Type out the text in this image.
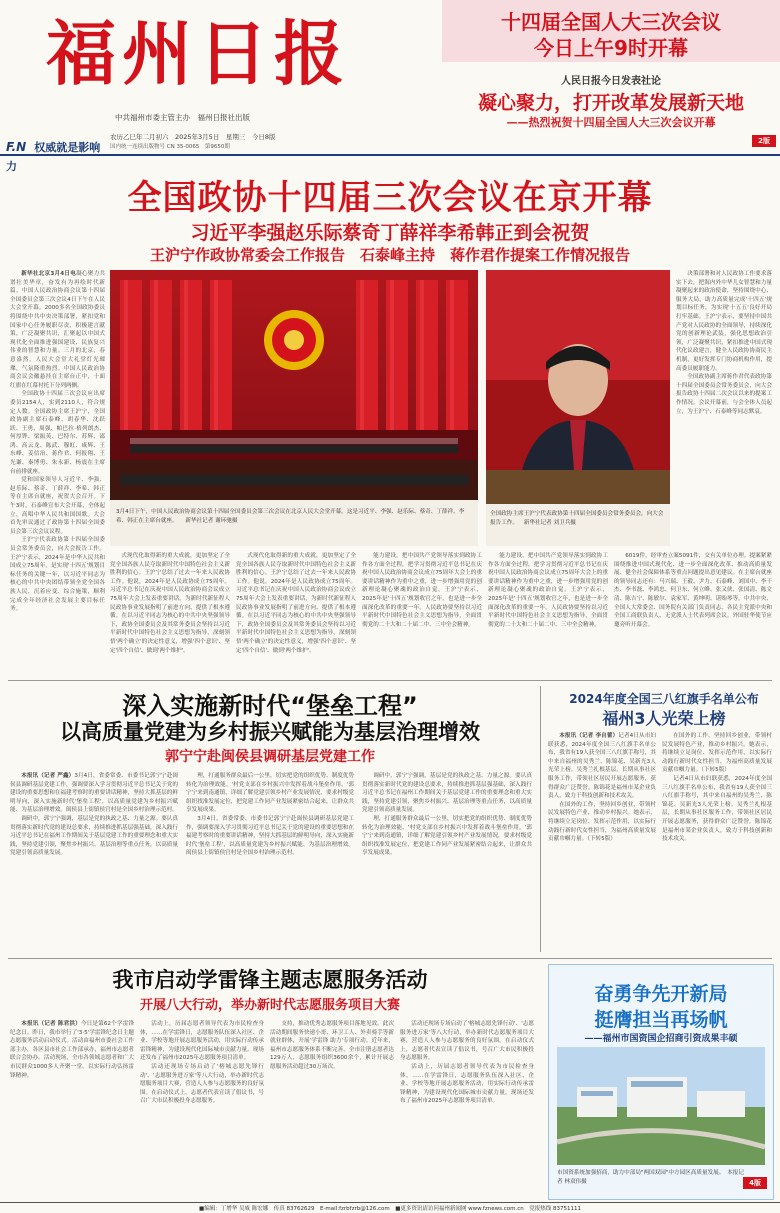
福州日报
中共福州市委主管主办　福州日报社出版
农历乙巳年二月初六　2025年3月5日　星期三　今日8版
国内统一连续出版物号 CN 35-0065　第9650期
F.N 权威就是影响力
十四届全国人大三次会议
今日上午9时开幕
人民日报今日发表社论
凝心聚力，打开改革发展新天地
——热烈祝贺十四届全国人大三次会议开幕
2版
全国政协十四届三次会议在京开幕
习近平李强赵乐际蔡奇丁薛祥李希韩正到会祝贺
王沪宁作政协常委会工作报告　石泰峰主持　蒋作君作提案工作情况报告

新华社北京3月4日电凝心聚力共谱壮美华章，奋发有为再绘时代新篇。中国人民政治协商会议第十四届全国委员会第三次会议4日下午在人民大会堂开幕。2000多名全国政协委员将围绕中共中央决策部署，紧扣党和国家中心任务履职尽责，积极建言献策，广泛凝聚共识，汇聚起以中国式现代化全面推进强国建设、民族复兴伟业的智慧和力量。三月的北京，春意盎然。人民大会堂大礼堂灯光璀璨，气氛隆重热烈。中国人民政治协商会议会徽悬挂在主席台正中，十面红旗在红幕衬托下分列两侧。

全国政协十四届三次会议应出席委员2154人，实到2110人，符合规定人数。全国政协主席王沪宁，全国政协副主席石泰峰、胡春华、沈跃跃、王勇、周强、帕巴拉·格列朗杰、何厚铧、梁振英、巴特尔、苏辉、邵鸿、高云龙、陈武、穆虹、咸辉、王东峰、姜信治、蒋作君、何报翔、王光谦、秦博勇、朱永新、杨震在主席台前排就座。

党和国家领导人习近平、李强、赵乐际、蔡奇、丁薛祥、李希、韩正等在主席台就座，祝贺大会召开。下午3时，石泰峰宣布大会开幕，全体起立，高唱中华人民共和国国歌。大会首先审议通过了政协第十四届全国委员会第三次会议议程。

王沪宁代表政协第十四届全国委员会常务委员会，向大会报告工作。王沪宁表示，2024年是中华人民共和国成立75周年，是实现'十四五'规划目标任务的关键一年，以习近平同志为核心的中共中央团结带领全党全国各族人民，沉着应变、综合施策，顺利完成全年经济社会发展主要目标任务。

3月4日下午，中国人民政治协商会议第十四届全国委员会第三次会议在北京人民大会堂开幕。这是习近平、李强、赵乐际、蔡奇、丁薛祥、李希、韩正在主席台就座。 新华社记者 谢环驰摄
全国政协主席王沪宁代表政协第十四届全国委员会常务委员会，向大会报告工作。 新华社记者 刘卫兵摄

决策部署和对人民政协工作要求落实下去，把海内外中华儿女智慧和力量凝聚起来的政治使命，坚持围绕中心、服务大局，助力高质量完成'十四五'规划目标任务，为实现'十五五'良好开局打牢基础。王沪宁表示，要坚持中国共产党对人民政协的全面领导，持续深化党的创新理论武装，强化思想政治引领，广泛凝聚共识，紧扣推进中国式现代化议政建言，健全人民政协协商民主机制，更好发挥专门协商机构作用，提高委员履职能力。

全国政协副主席蒋作君代表政协第十四届全国委员会常务委员会，向大会报告政协十四届二次会议以来的提案工作情况。会议开幕前，与会全体人员起立，为王沪宁、石泰峰等同志默哀。

式现代化取得新的重大成就，更加坚定了全党全国各族人民夺取新时代中国特色社会主义新胜利的信心。王沪宁总结了过去一年来人民政协工作。他说，2024年是人民政协成立75周年。习近平总书记在庆祝中国人民政治协商会议成立75周年大会上发表重要讲话，为新时代新征程人民政协事业发展指明了前进方向、提供了根本遵循。在以习近平同志为核心的中共中央坚强领导下，政协全国委员会及其常务委员会坚持以习近平新时代中国特色社会主义思想为指导，深刻领悟'两个确立'的决定性意义，增强'四个意识'、坚定'四个自信'、做到'两个维护'。

式现代化取得新的重大成就，更加坚定了全党全国各族人民夺取新时代中国特色社会主义新胜利的信心。王沪宁总结了过去一年来人民政协工作。他说，2024年是人民政协成立75周年。习近平总书记在庆祝中国人民政治协商会议成立75周年大会上发表重要讲话，为新时代新征程人民政协事业发展指明了前进方向、提供了根本遵循。在以习近平同志为核心的中共中央坚强领导下，政协全国委员会及其常务委员会坚持以习近平新时代中国特色社会主义思想为指导，深刻领悟'两个确立'的决定性意义，增强'四个意识'、坚定'四个自信'、做到'两个维护'。

能力建设，把中国共产党领导落实到政协工作各方面全过程，把学习贯彻习近平总书记在庆祝中国人民政治协商会议成立75周年大会上的重要讲话精神作为重中之重，进一步增强用党的创新理论凝心聚魂的政治自觉。王沪宁表示，2025年是'十四五'规划收官之年，也是进一步全面深化改革的重要一年。人民政协要坚持以习近平新时代中国特色社会主义思想为指导，全面贯彻党的二十大和二十届二中、三中全会精神。

能力建设，把中国共产党领导落实到政协工作各方面全过程，把学习贯彻习近平总书记在庆祝中国人民政治协商会议成立75周年大会上的重要讲话精神作为重中之重，进一步增强用党的创新理论凝心聚魂的政治自觉。王沪宁表示，2025年是'十四五'规划收官之年，也是进一步全面深化改革的重要一年。人民政协要坚持以习近平新时代中国特色社会主义思想为指导，全面贯彻党的二十大和二十届二中、三中全会精神。

6019件，经审查立案5091件，交有关单位办理。提案紧紧围绕推进中国式现代化、进一步全面深化改革、推动高质量发展、健全社会保障体系等重点问题提出意见建议。在主席台就座的领导同志还有：马兴瑞、王毅、尹力、石泰峰、刘国中、李干杰、李书磊、李鸿忠、何卫东、何立峰、张又侠、张国清、陈文清、陈吉宁、陈敏尔、袁家军、黄坤明、谌贻琴等。中共中央、全国人大常委会、国务院有关部门负责同志、各民主党派中央和全国工商联负责人、无党派人士代表列席会议。外国驻华使节应邀旁听开幕会。

深入实施新时代“堡垒工程”
以高质量党建为乡村振兴赋能为基层治理增效
郭宁宁赴闽侯县调研基层党建工作

本报讯（记者 严鑫）3月4日，省委常委、市委书记郭宁宁赴闽侯县调研基层党建工作，强调要深入学习贯彻习近平总书记关于党的建设的重要思想和在福建考察时的重要讲话精神，坚持大抓基层的鲜明导向，深入实施新时代'堡垒工程'，以高质量党建为乡村振兴赋能、为基层治理增效。闽侯县上街镇侯官村是全国乡村治理示范村。

调研中，郭宁宁强调，基层是党的执政之基、力量之源。要认真贯彻落实新时代党的建设总要求，持续推进抓基层强基础，深入践行习近平总书记在福州工作期间关于基层党建工作的重要理念和重大实践，坚持党建引领，聚焦乡村振兴、基层治理等重点任务，以高质量党建引领高质量发展。

理，打通服务群众最后一公里，切实把党的组织优势、制度优势转化为治理效能。'村党支部在乡村振兴中发挥着战斗堡垒作用。'郭宁宁来到南通镇，详细了解党建引领乡村产业发展情况，要求村级党组织找准发展定位，把党建工作同产业发展紧密结合起来，让群众共享发展成果。

3月4日，省委常委、市委书记郭宁宁赴闽侯县调研基层党建工作，强调要深入学习贯彻习近平总书记关于党的建设的重要思想和在福建考察时的重要讲话精神，坚持大抓基层的鲜明导向，深入实施新时代'堡垒工程'，以高质量党建为乡村振兴赋能、为基层治理增效。闽侯县上街镇侯官村是全国乡村治理示范村。

调研中，郭宁宁强调，基层是党的执政之基、力量之源。要认真贯彻落实新时代党的建设总要求，持续推进抓基层强基础，深入践行习近平总书记在福州工作期间关于基层党建工作的重要理念和重大实践，坚持党建引领，聚焦乡村振兴、基层治理等重点任务，以高质量党建引领高质量发展。

理，打通服务群众最后一公里，切实把党的组织优势、制度优势转化为治理效能。'村党支部在乡村振兴中发挥着战斗堡垒作用。'郭宁宁来到南通镇，详细了解党建引领乡村产业发展情况，要求村级党组织找准发展定位，把党建工作同产业发展紧密结合起来，让群众共享发展成果。

2024年度全国三八红旗手名单公布
福州3人光荣上榜

本报讯（记者 李自蕾）记者4日从市妇联获悉，2024年度全国三八红旗手名单公布，我省有19人获全国三八红旗手称号，其中来自福州的吴秀兰、陈锦花、吴新光3人光荣上榜。吴秀兰扎根基层，长期从事社区服务工作，带领社区居民开展志愿服务，获得群众广泛赞誉。陈锦花是福州市某企业负责人，致力于科技创新和技术攻关。

在国外的工作，坚持回乡创业，带领村民发展特色产业，推动乡村振兴。她表示，将继续立足岗位、发挥示范作用，以实际行动践行新时代女性担当，为福州高质量发展贡献巾帼力量。（下转5版）

在国外的工作，坚持回乡创业，带领村民发展特色产业，推动乡村振兴。她表示，将继续立足岗位、发挥示范作用，以实际行动践行新时代女性担当，为福州高质量发展贡献巾帼力量。（下转5版）

记者4日从市妇联获悉，2024年度全国三八红旗手名单公布，我省有19人获全国三八红旗手称号，其中来自福州的吴秀兰、陈锦花、吴新光3人光荣上榜。吴秀兰扎根基层，长期从事社区服务工作，带领社区居民开展志愿服务，获得群众广泛赞誉。陈锦花是福州市某企业负责人，致力于科技创新和技术攻关。

我市启动学雷锋主题志愿服务活动
开展八大行动，举办新时代志愿服务项目大赛

本报讯（记者 陈君洪）今日是第62个学雷锋纪念日。昨日，我市举行了'3·5'学雷锋纪念日主题志愿服务活动启动仪式。活动由福州市委社会工作部主办，各区县市社会工作部承办，福州市志愿者联合会协办。活动现场，全市各领域志愿者和广大市民群众1000多人齐聚一堂，以实际行动弘扬雷锋精神。

活动上，历届志愿者领导代表为市民检查身体，……在学雷锋日，志愿服务队伍深入社区、企业、学校等地开展志愿服务活动，用实际行动传承雷锋精神，为建设现代化国际城市贡献力量。现场还发布了福州市2025年志愿服务项目清单。

活动还现场专场启动了'榕城志愿先锋行动'、'志愿服务进万家'等八大行动，举办新时代志愿服务项目大赛，营造人人参与志愿服务的良好氛围。在启动仪式上，志愿者代表宣读了倡议书，号召广大市民积极投身志愿服务。

支持，推动优秀志愿服务项目落地见效。此次活动期间服务快递小哥、环卫工人、外卖骑手等新就业群体，开展'学雷锋 助力'专项行动。近年来，福州市志愿服务体系不断完善，全市注册志愿者达129万人，志愿服务组织3600余个，累计开展志愿服务活动超过30万场次。

活动还现场专场启动了'榕城志愿先锋行动'、'志愿服务进万家'等八大行动，举办新时代志愿服务项目大赛，营造人人参与志愿服务的良好氛围。在启动仪式上，志愿者代表宣读了倡议书，号召广大市民积极投身志愿服务。

活动上，历届志愿者领导代表为市民检查身体，……在学雷锋日，志愿服务队伍深入社区、企业、学校等地开展志愿服务活动，用实际行动传承雷锋精神，为建设现代化国际城市贡献力量。现场还发布了福州市2025年志愿服务项目清单。

奋勇争先开新局
挺膺担当再场帆
——福州市国资国企招商引资成果丰硕
市国资系统加强招商，助力中部局"两国双园"中方园区高质量发展。　本报记者 林双伟摄	4版
■编辑：丁增华 吴威 陈宏娜　传真 83762629　E-mail:fzrbfzrb@126.com　■更多资讯请访问福州新闻网 www.fznews.com.cn　党报热线 83751111
